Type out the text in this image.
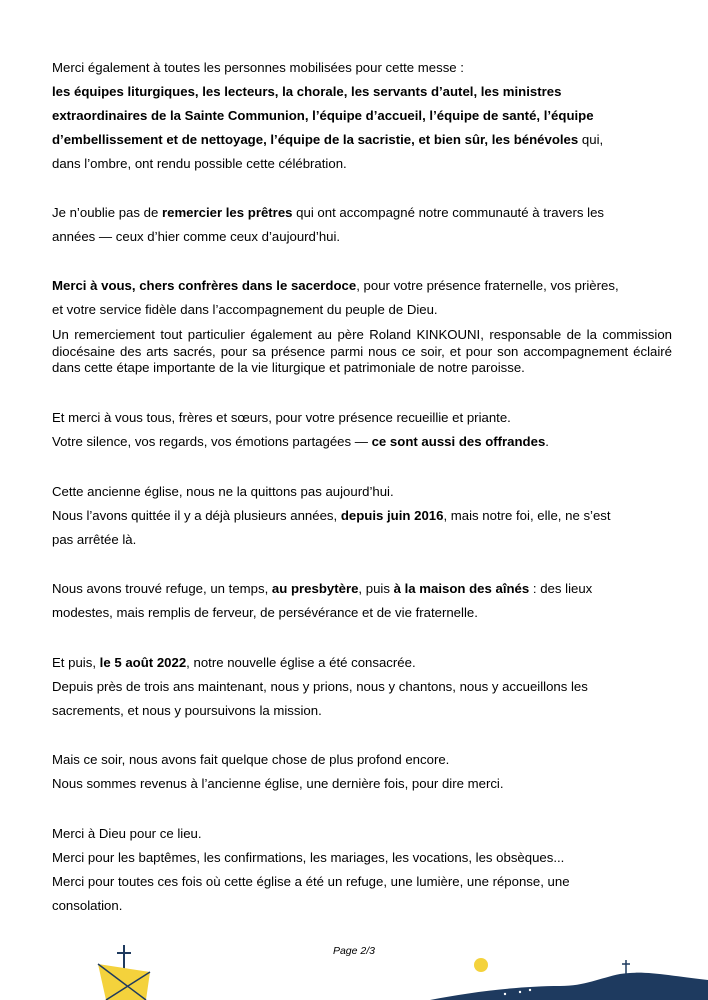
Merci également à toutes les personnes mobilisées pour cette messe :
les équipes liturgiques, les lecteurs, la chorale, les servants d’autel, les ministres
extraordinaires de la Sainte Communion, l’équipe d’accueil, l’équipe de santé, l’équipe
d’embellissement et de nettoyage, l’équipe de la sacristie, et bien sûr, les bénévoles qui,
dans l’ombre, ont rendu possible cette célébration.
Je n’oublie pas de remercier les prêtres qui ont accompagné notre communauté à travers les
années — ceux d’hier comme ceux d’aujourd’hui.
Merci à vous, chers confrères dans le sacerdoce, pour votre présence fraternelle, vos prières,
et votre service fidèle dans l’accompagnement du peuple de Dieu.
Un remerciement tout particulier également au père Roland KINKOUNI, responsable de la commission diocésaine des arts sacrés, pour sa présence parmi nous ce soir, et pour son accompagnement éclairé dans cette étape importante de la vie liturgique et patrimoniale de notre paroisse.
Et merci à vous tous, frères et sœurs, pour votre présence recueillie et priante.
Votre silence, vos regards, vos émotions partagées — ce sont aussi des offrandes.
Cette ancienne église, nous ne la quittons pas aujourd’hui.
Nous l’avons quittée il y a déjà plusieurs années, depuis juin 2016, mais notre foi, elle, ne s’est
pas arrêtée là.
Nous avons trouvé refuge, un temps, au presbytère, puis à la maison des aînés : des lieux
modestes, mais remplis de ferveur, de persévérance et de vie fraternelle.
Et puis, le 5 août 2022, notre nouvelle église a été consacrée.
Depuis près de trois ans maintenant, nous y prions, nous y chantons, nous y accueillons les
sacrements, et nous y poursuivons la mission.
Mais ce soir, nous avons fait quelque chose de plus profond encore.
Nous sommes revenus à l’ancienne église, une dernière fois, pour dire merci.
Merci à Dieu pour ce lieu.
Merci pour les baptêmes, les confirmations, les mariages, les vocations, les obsèques...
Merci pour toutes ces fois où cette église a été un refuge, une lumière, une réponse, une
consolation.
Page 2/3
